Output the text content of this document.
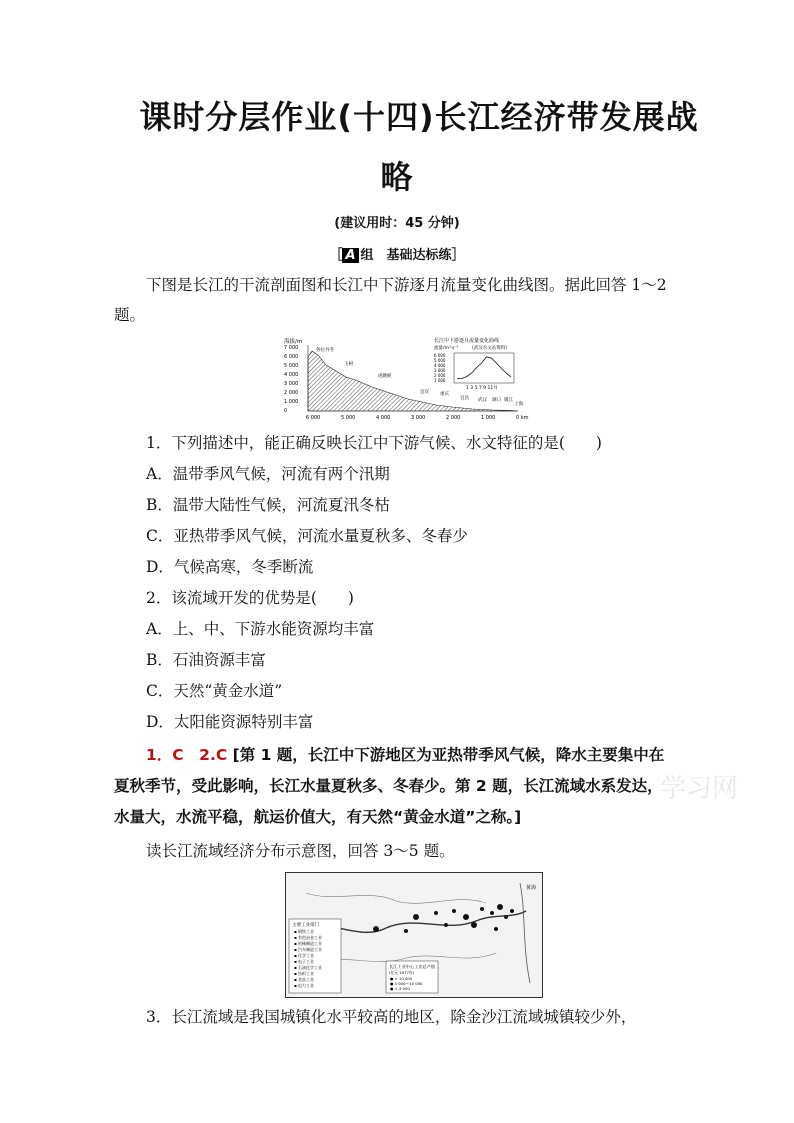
课时分层作业(十四)长江经济带发展战
略
(建议用时：45 分钟)
［ A 组　基础达标练］
下图是长江的干流剖面图和长江中下游逐月流量变化曲线图。据此回答 1～2
题。
海拔/m
7 000
6 000
5 000
4 000
3 000
2 000
1 000
0
6 000	5 000	4 000	3 000	2 000	1 000	0 km
各拉丹冬
玉树
虎跳峡
宜宾 重庆
宜昌 武汉 湖口 镇江
上海
长江中下游逐月流量变化曲线
流量/m³·s⁻¹	(武汉水文站资料)
6 000
5 000
4 000
3 000
2 000
1 000
1 3 5 7 9 11月
1．下列描述中，能正确反映长江中下游气候、水文特征的是(　　)
A．温带季风气候，河流有两个汛期
B．温带大陆性气候，河流夏汛冬枯
C．亚热带季风气候，河流水量夏秋多、冬春少
D．气候高寒，冬季断流
2．该流域开发的优势是(　　)
A．上、中、下游水能资源均丰富
B．石油资源丰富
C．天然“黄金水道”
D．太阳能资源特别丰富
1．C　2.C [第 1 题，长江中下游地区为亚热带季风气候，降水主要集中在
夏秋季节，受此影响，长江水量夏秋多、冬春少。第 2 题，长江流域水系发达，
水量大，水流平稳，航运价值大，有天然“黄金水道”之称。]
学习网
读长江流域经济分布示意图，回答 3～5 题。
黄海
主要工业部门
▪ 钢铁工业
▪ 有色冶金工业
▪ 机械制造工业
▪ 汽车制造工业
▪ 化学工业
▪ 电子工业
▪ 石油化学工业
▪ 纺织工业
▪ 食品工业
▪ 电力工业
长江工业中心工业总产值
(亿元 1977年)
● > 10 000
● 4 000～10 000
● < 4 000
3．长江流域是我国城镇化水平较高的地区，除金沙江流域城镇较少外，
